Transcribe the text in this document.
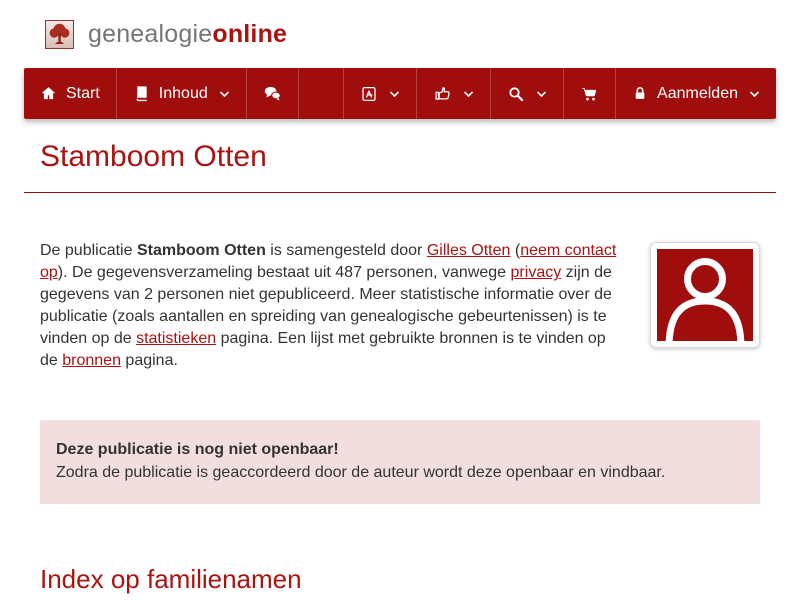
genealogieonline
Start	Inhoud	Aanmelden
Stamboom Otten

De publicatie Stamboom Otten is samengesteld door Gilles Otten (neem contact op). De gegevensverzameling bestaat uit 487 personen, vanwege privacy zijn de gegevens van 2 personen niet gepubliceerd. Meer statistische informatie over de publicatie (zoals aantallen en spreiding van genealogische gebeurtenissen) is te vinden op de statistieken pagina. Een lijst met gebruikte bronnen is te vinden op de bronnen pagina.

Deze publicatie is nog niet openbaar!
Zodra de publicatie is geaccordeerd door de auteur wordt deze openbaar en vindbaar.
Index op familienamen
